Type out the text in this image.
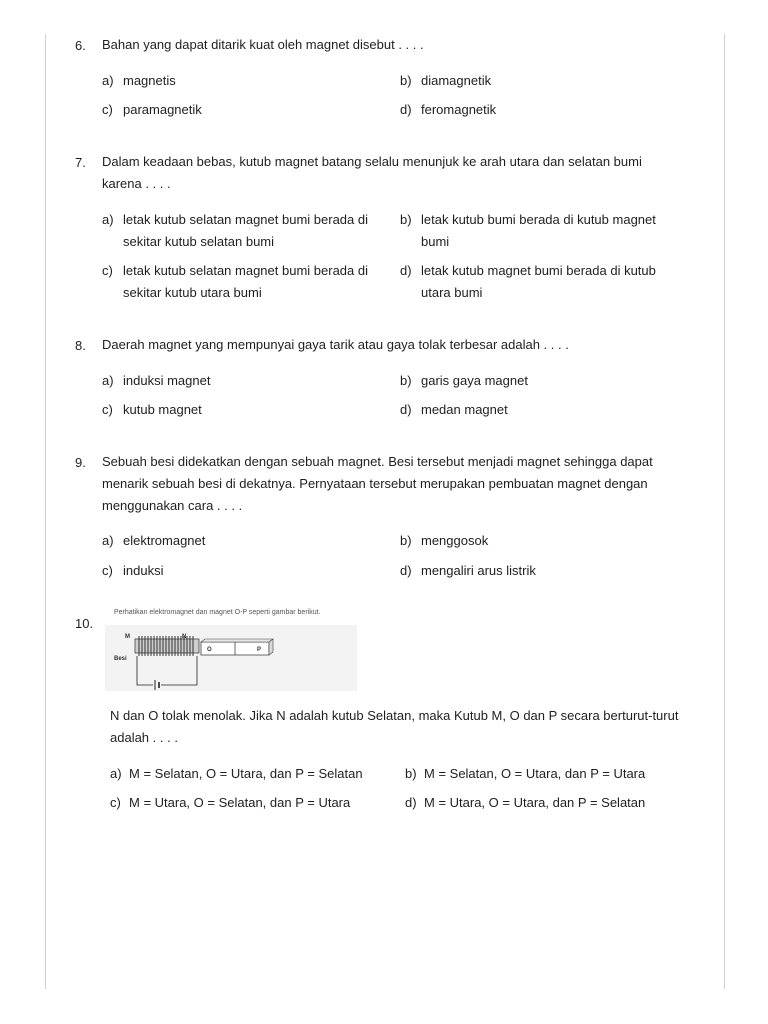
6. Bahan yang dapat ditarik kuat oleh magnet disebut . . . .
a) magnetis	b) diamagnetik
c) paramagnetik	d) feromagnetik
7. Dalam keadaan bebas, kutub magnet batang selalu menunjuk ke arah utara dan selatan bumi
karena . . . .
a) letak kutub selatan magnet bumi berada di
sekitar kutub selatan bumi
b) letak kutub bumi berada di kutub magnet
bumi
c) letak kutub selatan magnet bumi berada di
sekitar kutub utara bumi
d) letak kutub magnet bumi berada di kutub
utara bumi
8. Daerah magnet yang mempunyai gaya tarik atau gaya tolak terbesar adalah . . . .
a) induksi magnet	b) garis gaya magnet
c) kutub magnet	d) medan magnet
9. Sebuah besi didekatkan dengan sebuah magnet. Besi tersebut menjadi magnet sehingga dapat
menarik sebuah besi di dekatnya. Pernyataan tersebut merupakan pembuatan magnet dengan
menggunakan cara . . . .
a) elektromagnet	b) menggosok
c) induksi	d) mengaliri arus listrik
10.
Perhatikan elektromagnet dan magnet O-P seperti gambar berikut.
M	N
Besi
O	P
N dan O tolak menolak. Jika N adalah kutub Selatan, maka Kutub M, O dan P secara berturut-turut
adalah . . . .
a) M = Selatan, O = Utara, dan P = Selatan	b) M = Selatan, O = Utara, dan P = Utara
c) M = Utara, O = Selatan, dan P = Utara	d) M = Utara, O = Utara, dan P = Selatan
